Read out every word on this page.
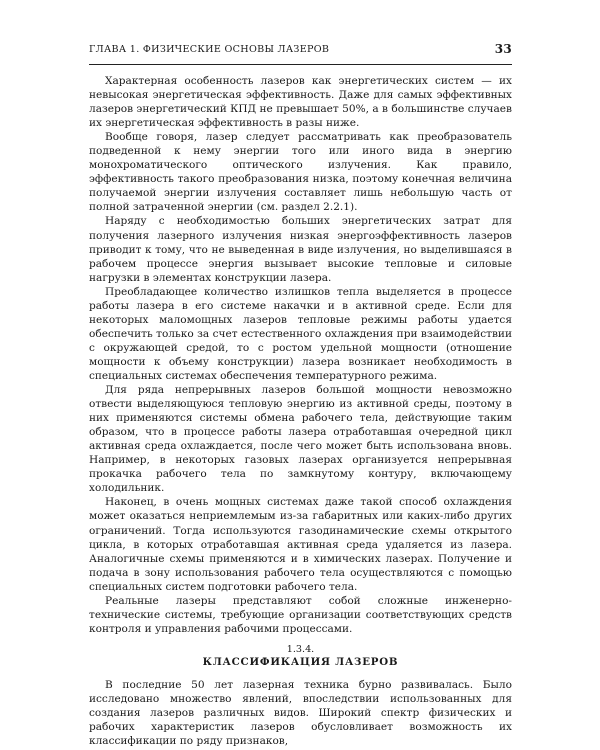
ГЛАВА 1. ФИЗИЧЕСКИЕ ОСНОВЫ ЛАЗЕРОВ	33

Характерная особенность лазеров как энергетических систем — их невысокая энергетическая эффективность. Даже для самых эффективных лазеров энергетический КПД не превышает 50%, а в большинстве случаев их энергетическая эффективность в разы ниже.

Вообще говоря, лазер следует рассматривать как преобразователь подведенной к нему энергии того или иного вида в энергию монохроматического оптического излучения. Как правило, эффективность такого преобразования низка, поэтому конечная величина получаемой энергии излучения составляет лишь небольшую часть от полной затраченной энергии (см. раздел 2.2.1).

Наряду с необходимостью больших энергетических затрат для получения лазерного излучения низкая энергоэффективность лазеров приводит к тому, что не выведенная в виде излучения, но выделившаяся в рабочем процессе энергия вызывает высокие тепловые и силовые нагрузки в элементах конструкции лазера.

Преобладающее количество излишков тепла выделяется в процессе работы лазера в его системе накачки и в активной среде. Если для некоторых маломощных лазеров тепловые режимы работы удается обеспечить только за счет естественного охлаждения при взаимодействии с окружающей средой, то с ростом удельной мощности (отношение мощности к объему конструкции) лазера возникает необходимость в специальных системах обеспечения температурного режима.

Для ряда непрерывных лазеров большой мощности невозможно отвести выделяющуюся тепловую энергию из активной среды, поэтому в них применяются системы обмена рабочего тела, действующие таким образом, что в процессе работы лазера отработавшая очередной цикл активная среда охлаждается, после чего может быть использована вновь. Например, в некоторых газовых лазерах организуется непрерывная прокачка рабочего тела по замкнутому контуру, включающему холодильник.

Наконец, в очень мощных системах даже такой способ охлаждения может оказаться неприемлемым из-за габаритных или каких-либо других ограничений. Тогда используются газодинамические схемы открытого цикла, в которых отработавшая активная среда удаляется из лазера. Аналогичные схемы применяются и в химических лазерах. Получение и подача в зону использования рабочего тела осуществляются с помощью специальных систем подготовки рабочего тела.

Реальные лазеры представляют собой сложные инженерно-технические системы, требующие организации соответствующих средств контроля и управления рабочими процессами.

1.3.4.
КЛАССИФИКАЦИЯ ЛАЗЕРОВ

В последние 50 лет лазерная техника бурно развивалась. Было исследовано множество явлений, впоследствии использованных для создания лазеров различных видов. Широкий спектр физических и рабочих характеристик лазеров обусловливает возможность их классификации по ряду признаков,
